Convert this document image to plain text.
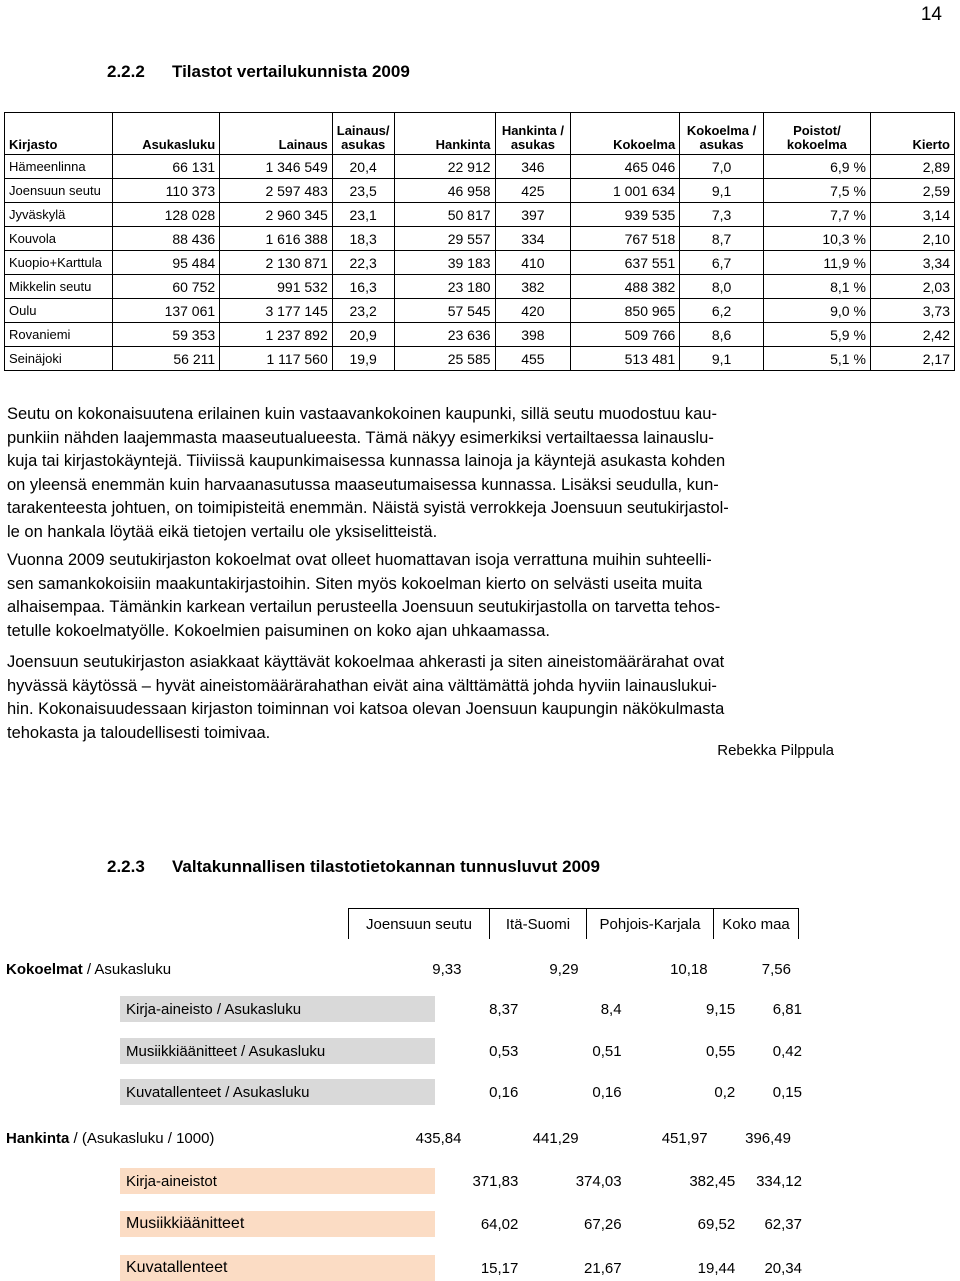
14
2.2.2 Tilastot vertailukunnista 2009
Kirjasto	Asukasluku	Lainaus	Lainaus/ asukas	Hankinta	Hankinta / asukas	Kokoelma	Kokoelma / asukas	Poistot/ kokoelma	Kierto
Hämeenlinna	66 131	1 346 549	20,4	22 912	346	465 046	7,0	6,9 %	2,89
Joensuun seutu	110 373	2 597 483	23,5	46 958	425	1 001 634	9,1	7,5 %	2,59
Jyväskylä	128 028	2 960 345	23,1	50 817	397	939 535	7,3	7,7 %	3,14
Kouvola	88 436	1 616 388	18,3	29 557	334	767 518	8,7	10,3 %	2,10
Kuopio+Karttula	95 484	2 130 871	22,3	39 183	410	637 551	6,7	11,9 %	3,34
Mikkelin seutu	60 752	991 532	16,3	23 180	382	488 382	8,0	8,1 %	2,03
Oulu	137 061	3 177 145	23,2	57 545	420	850 965	6,2	9,0 %	3,73
Rovaniemi	59 353	1 237 892	20,9	23 636	398	509 766	8,6	5,9 %	2,42
Seinäjoki	56 211	1 117 560	19,9	25 585	455	513 481	9,1	5,1 %	2,17
Seutu on kokonaisuutena erilainen kuin vastaavankokoinen kaupunki, sillä seutu muodostuu kau-
punkiin nähden laajemmasta maaseutualueesta. Tämä näkyy esimerkiksi vertailtaessa lainauslu-
kuja tai kirjastokäyntejä. Tiiviissä kaupunkimaisessa kunnassa lainoja ja käyntejä asukasta kohden
on yleensä enemmän kuin harvaanasutussa maaseutumaisessa kunnassa. Lisäksi seudulla, kun-
tarakenteesta johtuen, on toimipisteitä enemmän. Näistä syistä verrokkeja Joensuun seutukirjastol-
le on hankala löytää eikä tietojen vertailu ole yksiselitteistä.
Vuonna 2009 seutukirjaston kokoelmat ovat olleet huomattavan isoja verrattuna muihin suhteelli-
sen samankokoisiin maakuntakirjastoihin. Siten myös kokoelman kierto on selvästi useita muita
alhaisempaa. Tämänkin karkean vertailun perusteella Joensuun seutukirjastolla on tarvetta tehos-
tetulle kokoelmatyölle. Kokoelmien paisuminen on koko ajan uhkaamassa.
Joensuun seutukirjaston asiakkaat käyttävät kokoelmaa ahkerasti ja siten aineistomäärärahat ovat
hyvässä käytössä – hyvät aineistomäärärahathan eivät aina välttämättä johda hyviin lainauslukui-
hin. Kokonaisuudessaan kirjaston toiminnan voi katsoa olevan Joensuun kaupungin näkökulmasta
tehokasta ja taloudellisesti toimivaa.
Rebekka Pilppula
2.2.3 Valtakunnallisen tilastotietokannan tunnusluvut 2009
Joensuun seutu	Itä-Suomi	Pohjois-Karjala	Koko maa
Kokoelmat / Asukasluku	9,33	9,29	10,18	7,56
Kirja-aineisto / Asukasluku	8,37	8,4	9,15	6,81
Musiikkiäänitteet / Asukasluku	0,53	0,51	0,55	0,42
Kuvatallenteet / Asukasluku	0,16	0,16	0,2	0,15
Hankinta / (Asukasluku / 1000)	435,84	441,29	451,97	396,49
Kirja-aineistot	371,83	374,03	382,45	334,12
Musiikkiäänitteet	64,02	67,26	69,52	62,37
Kuvatallenteet	15,17	21,67	19,44	20,34
